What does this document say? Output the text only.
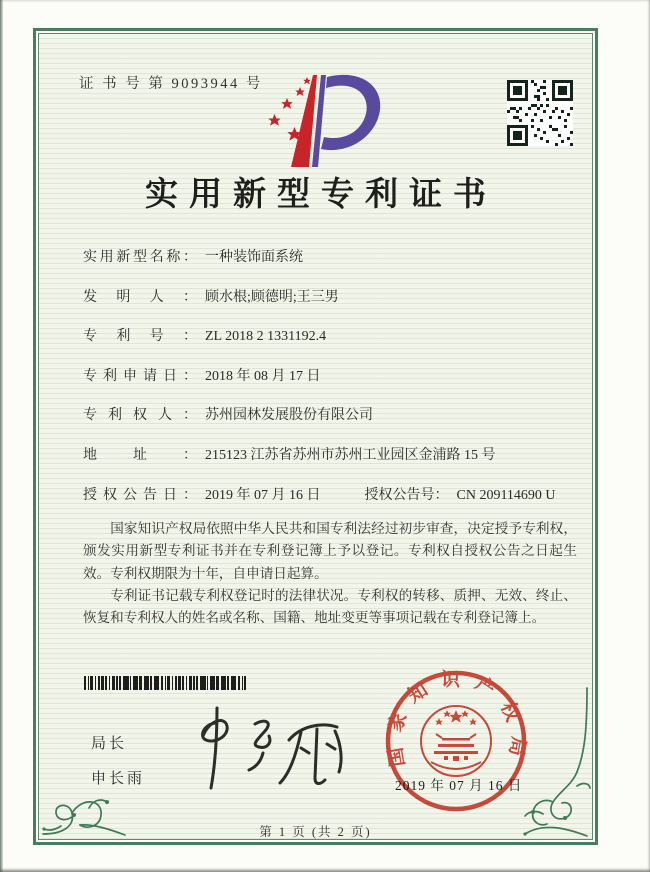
证 书 号 第 9093944 号
实用新型专利证书
实用新型名称： 一种装饰面系统
发明人： 顾水根;顾德明;王三男
专利号： ZL 2018 2 1331192.4
专利申请日： 2018 年 08 月 17 日
专利权人： 苏州园林发展股份有限公司
地址： 215123 江苏省苏州市苏州工业园区金浦路 15 号
授权公告日： 2019 年 07 月 16 日	授权公告号： CN 209114690 U

国家知识产权局依照中华人民共和国专利法经过初步审查，决定授予专利权，颁发实用新型专利证书并在专利登记簿上予以登记。专利权自授权公告之日起生效。专利权期限为十年，自申请日起算。

专利证书记载专利权登记时的法律状况。专利权的转移、质押、无效、终止、恢复和专利权人的姓名或名称、国籍、地址变更等事项记载在专利登记簿上。

局长
申长雨	2019 年 07 月 16 日
国家知识产权局
第 1 页 (共 2 页)
